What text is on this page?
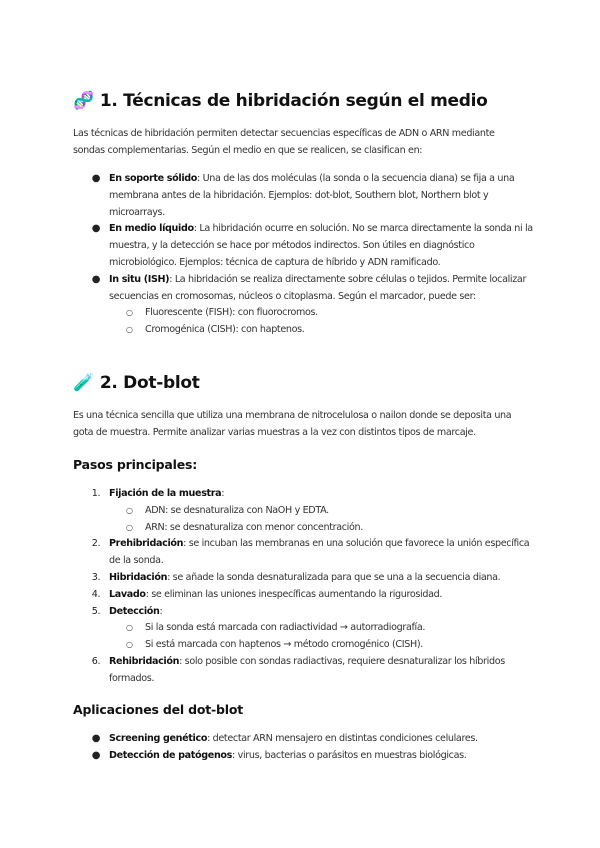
🧬 1. Técnicas de hibridación según el medio

Las técnicas de hibridación permiten detectar secuencias específicas de ADN o ARN mediante sondas complementarias. Según el medio en que se realicen, se clasifican en:

● En soporte sólido: Una de las dos moléculas (la sonda o la secuencia diana) se fija a una membrana antes de la hibridación. Ejemplos: dot-blot, Southern blot, Northern blot y microarrays.
● En medio líquido: La hibridación ocurre en solución. No se marca directamente la sonda ni la muestra, y la detección se hace por métodos indirectos. Son útiles en diagnóstico microbiológico. Ejemplos: técnica de captura de híbrido y ADN ramificado.
● In situ (ISH): La hibridación se realiza directamente sobre células o tejidos. Permite localizar secuencias en cromosomas, núcleos o citoplasma. Según el marcador, puede ser:
○ Fluorescente (FISH): con fluorocromos.
○ Cromogénica (CISH): con haptenos.
🧪 2. Dot-blot

Es una técnica sencilla que utiliza una membrana de nitrocelulosa o nailon donde se deposita una gota de muestra. Permite analizar varias muestras a la vez con distintos tipos de marcaje.

Pasos principales:
1. Fijación de la muestra:
○ ADN: se desnaturaliza con NaOH y EDTA.
○ ARN: se desnaturaliza con menor concentración.
2. Prehibridación: se incuban las membranas en una solución que favorece la unión específica de la sonda.
3. Hibridación: se añade la sonda desnaturalizada para que se una a la secuencia diana.
4. Lavado: se eliminan las uniones inespecíficas aumentando la rigurosidad.
5. Detección:
○ Si la sonda está marcada con radiactividad → autorradiografía.
○ Si está marcada con haptenos → método cromogénico (CISH).
6. Rehibridación: solo posible con sondas radiactivas, requiere desnaturalizar los híbridos formados.
Aplicaciones del dot-blot
● Screening genético: detectar ARN mensajero en distintas condiciones celulares.
● Detección de patógenos: virus, bacterias o parásitos en muestras biológicas.
